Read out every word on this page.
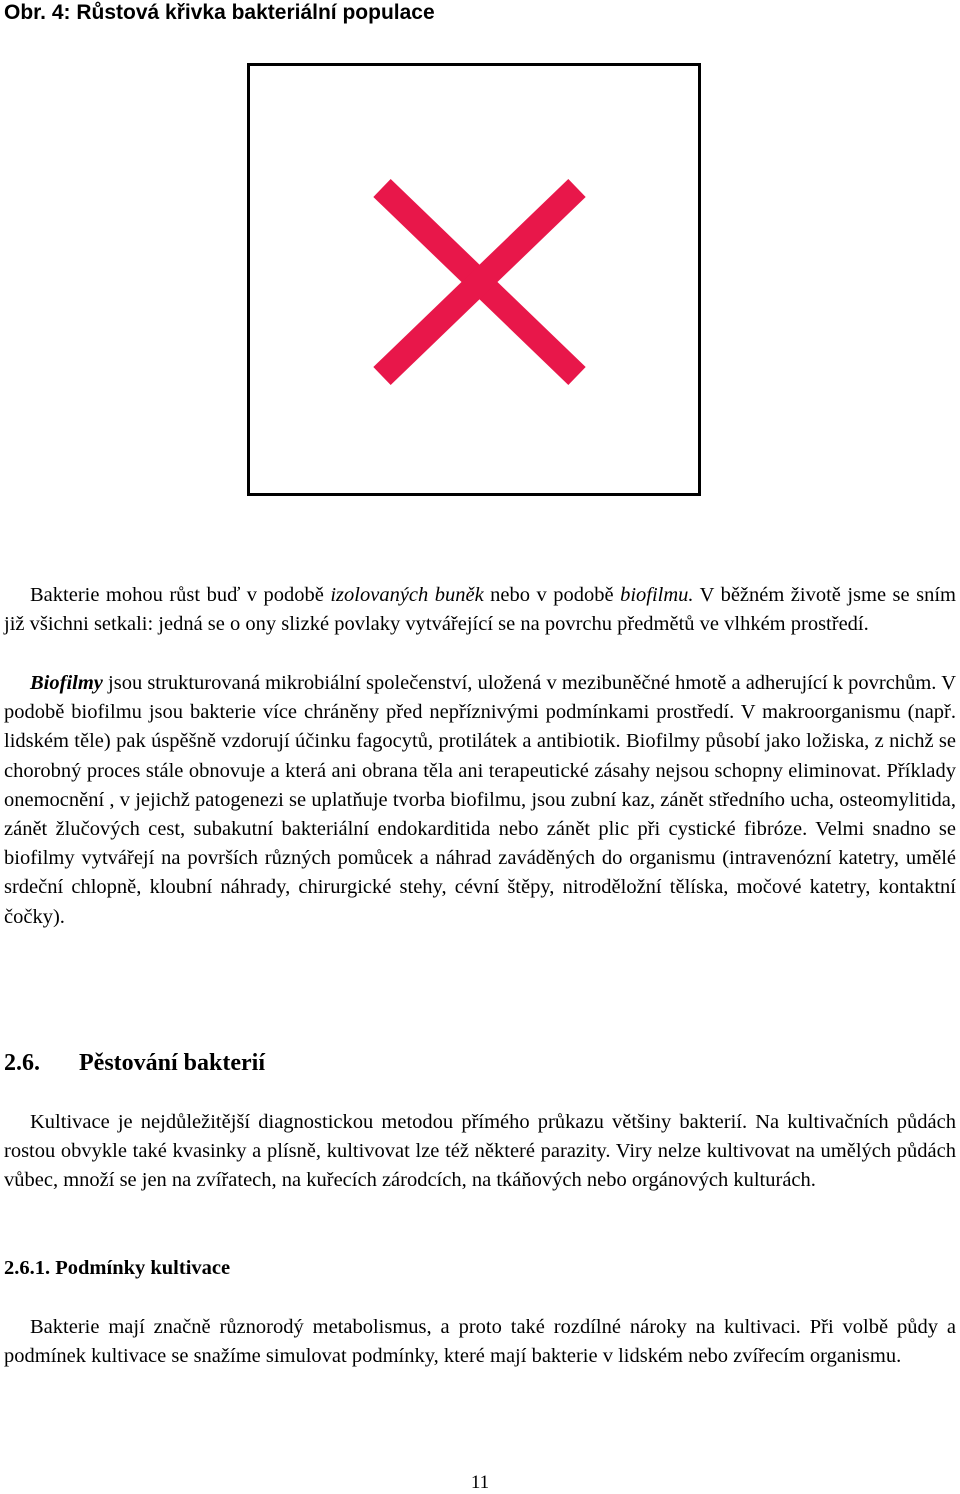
Obr. 4: Růstová křivka bakteriální populace

Bakterie mohou růst buď v podobě izolovaných buněk nebo v podobě biofilmu. V běžném životě jsme se sním již všichni setkali: jedná se o ony slizké povlaky vytvářející se na povrchu předmětů ve vlhkém prostředí.

Biofilmy jsou strukturovaná mikrobiální společenství, uložená v mezibuněčné hmotě a adherující k povrchům. V podobě biofilmu jsou bakterie více chráněny před nepříznivými podmínkami prostředí. V makroorganismu (např. lidském těle) pak úspěšně vzdorují účinku fagocytů, protilátek a antibiotik. Biofilmy působí jako ložiska, z nichž se chorobný proces stále obnovuje a která ani obrana těla ani terapeutické zásahy nejsou schopny eliminovat. Příklady onemocnění , v jejichž patogenezi se uplatňuje tvorba biofilmu, jsou zubní kaz, zánět středního ucha, osteomylitida, zánět žlučových cest, subakutní bakteriální endokarditida nebo zánět plic při cystické fibróze. Velmi snadno se biofilmy vytvářejí na površích různých pomůcek a náhrad zaváděných do organismu (intravenózní katetry, umělé srdeční chlopně, kloubní náhrady, chirurgické stehy, cévní štěpy, nitroděložní tělíska, močové katetry, kontaktní čočky).

2.6. Pěstování bakterií

Kultivace je nejdůležitější diagnostickou metodou přímého průkazu většiny bakterií. Na kultivačních půdách rostou obvykle také kvasinky a plísně, kultivovat lze též některé parazity. Viry nelze kultivovat na umělých půdách vůbec, množí se jen na zvířatech, na kuřecích zárodcích, na tkáňových nebo orgánových kulturách.

2.6.1. Podmínky kultivace

Bakterie mají značně různorodý metabolismus, a proto také rozdílné nároky na kultivaci. Při volbě půdy a podmínek kultivace se snažíme simulovat podmínky, které mají bakterie v lidském nebo zvířecím organismu.

11
